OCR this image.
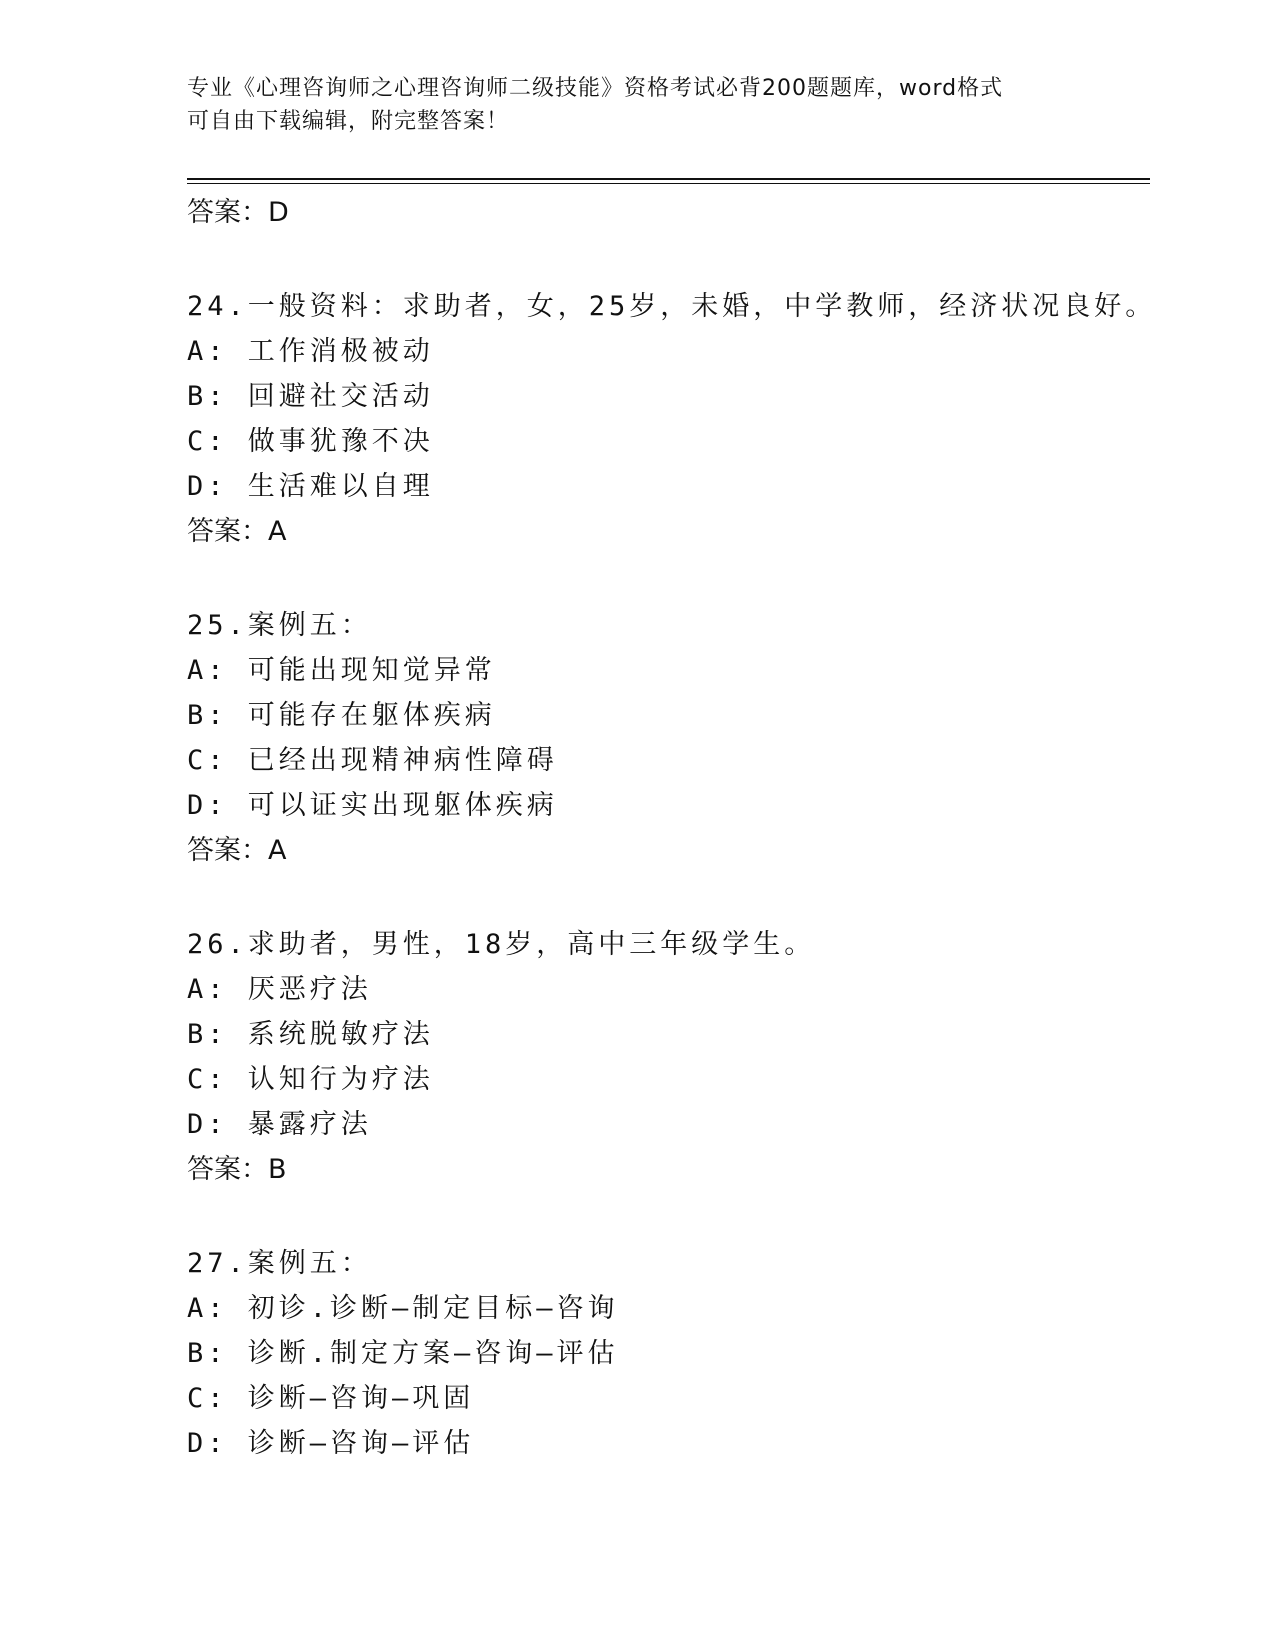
专业《心理咨询师之心理咨询师二级技能》资格考试必背200题题库，word格式
可自由下载编辑，附完整答案！
答案：D
24.一般资料：求助者，女，25岁，未婚，中学教师，经济状况良好。
A: 工作消极被动
B: 回避社交活动
C: 做事犹豫不决
D: 生活难以自理
答案：A
25.案例五：
A: 可能出现知觉异常
B: 可能存在躯体疾病
C: 已经出现精神病性障碍
D: 可以证实出现躯体疾病
答案：A
26.求助者，男性，18岁，高中三年级学生。
A: 厌恶疗法
B: 系统脱敏疗法
C: 认知行为疗法
D: 暴露疗法
答案：B
27.案例五：
A: 初诊.诊断—制定目标—咨询
B: 诊断.制定方案—咨询—评估
C: 诊断—咨询—巩固
D: 诊断—咨询—评估
